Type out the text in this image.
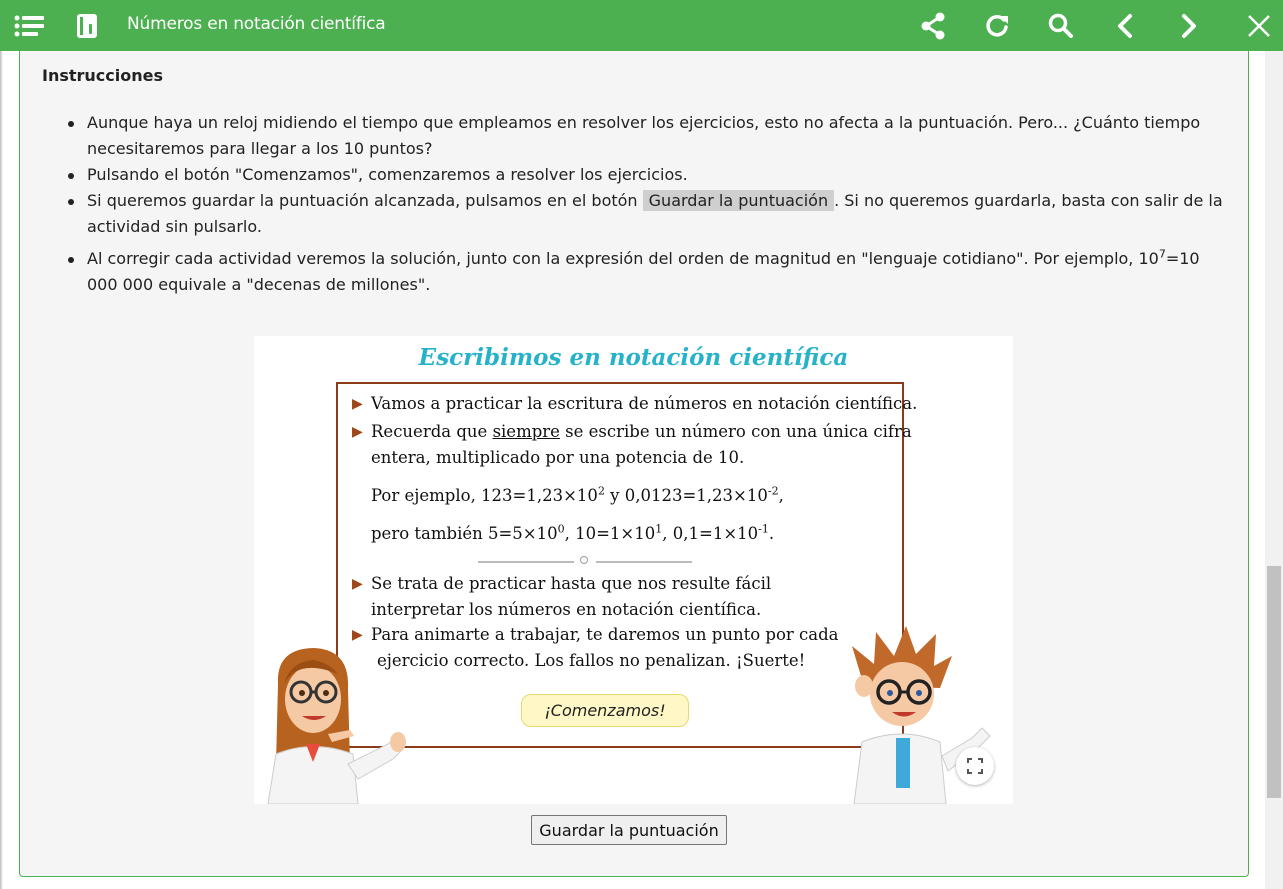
Números en notación científica
Instrucciones
Aunque haya un reloj midiendo el tiempo que empleamos en resolver los ejercicios, esto no afecta a la puntuación. Pero... ¿Cuánto tiempo necesitaremos para llegar a los 10 puntos?
Pulsando el botón "Comenzamos", comenzaremos a resolver los ejercicios.
Si queremos guardar la puntuación alcanzada, pulsamos en el botón Guardar la puntuación . Si no queremos guardarla, basta con salir de la actividad sin pulsarlo.
Al corregir cada actividad veremos la solución, junto con la expresión del orden de magnitud en "lenguaje cotidiano". Por ejemplo, $10^7=10$ 000 000 equivale a "decenas de millones".
Escribimos en notación científica
▶ Vamos a practicar la escritura de números en notación científica.
▶ Recuerda que siempre se escribe un número con una única cifra
entera, multiplicado por una potencia de 10.
Por ejemplo, $123=1,23\times 10^2$ y $0,0123=1,23\times 10^{-2}$,
pero también $5=5\times 10^0$, $10=1\times 10^1$, $0,1=1\times 10^{-1}$.
▶ Se trata de practicar hasta que nos resulte fácil
interpretar los números en notación científica.
▶ Para animarte a trabajar, te daremos un punto por cada
ejercicio correcto. Los fallos no penalizan. ¡Suerte!
¡Comenzamos!
Guardar la puntuación
